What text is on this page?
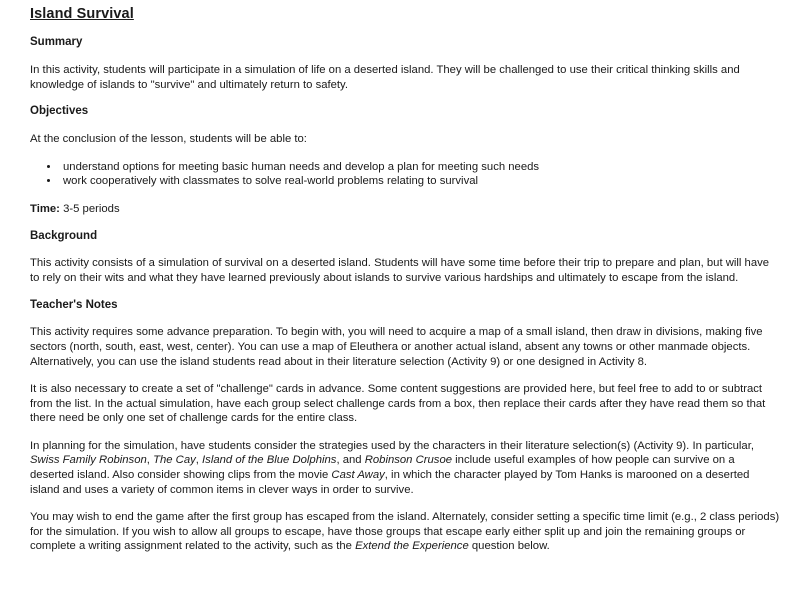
Island Survival
Summary

In this activity, students will participate in a simulation of life on a deserted island. They will be challenged to use their critical thinking skills and knowledge of islands to "survive" and ultimately return to safety.

Objectives

At the conclusion of the lesson, students will be able to:

• understand options for meeting basic human needs and develop a plan for meeting such needs
• work cooperatively with classmates to solve real-world problems relating to survival

Time: 3-5 periods

Background

This activity consists of a simulation of survival on a deserted island. Students will have some time before their trip to prepare and plan, but will have to rely on their wits and what they have learned previously about islands to survive various hardships and ultimately to escape from the island.

Teacher's Notes

This activity requires some advance preparation. To begin with, you will need to acquire a map of a small island, then draw in divisions, making five sectors (north, south, east, west, center). You can use a map of Eleuthera or another actual island, absent any towns or other manmade objects. Alternatively, you can use the island students read about in their literature selection (Activity 9) or one designed in Activity 8.

It is also necessary to create a set of "challenge" cards in advance. Some content suggestions are provided here, but feel free to add to or subtract from the list. In the actual simulation, have each group select challenge cards from a box, then replace their cards after they have read them so that there need be only one set of challenge cards for the entire class.

In planning for the simulation, have students consider the strategies used by the characters in their literature selection(s) (Activity 9). In particular, Swiss Family Robinson, The Cay, Island of the Blue Dolphins, and Robinson Crusoe include useful examples of how people can survive on a deserted island. Also consider showing clips from the movie Cast Away, in which the character played by Tom Hanks is marooned on a deserted island and uses a variety of common items in clever ways in order to survive.

You may wish to end the game after the first group has escaped from the island. Alternately, consider setting a specific time limit (e.g., 2 class periods) for the simulation. If you wish to allow all groups to escape, have those groups that escape early either split up and join the remaining groups or complete a writing assignment related to the activity, such as the Extend the Experience question below.
